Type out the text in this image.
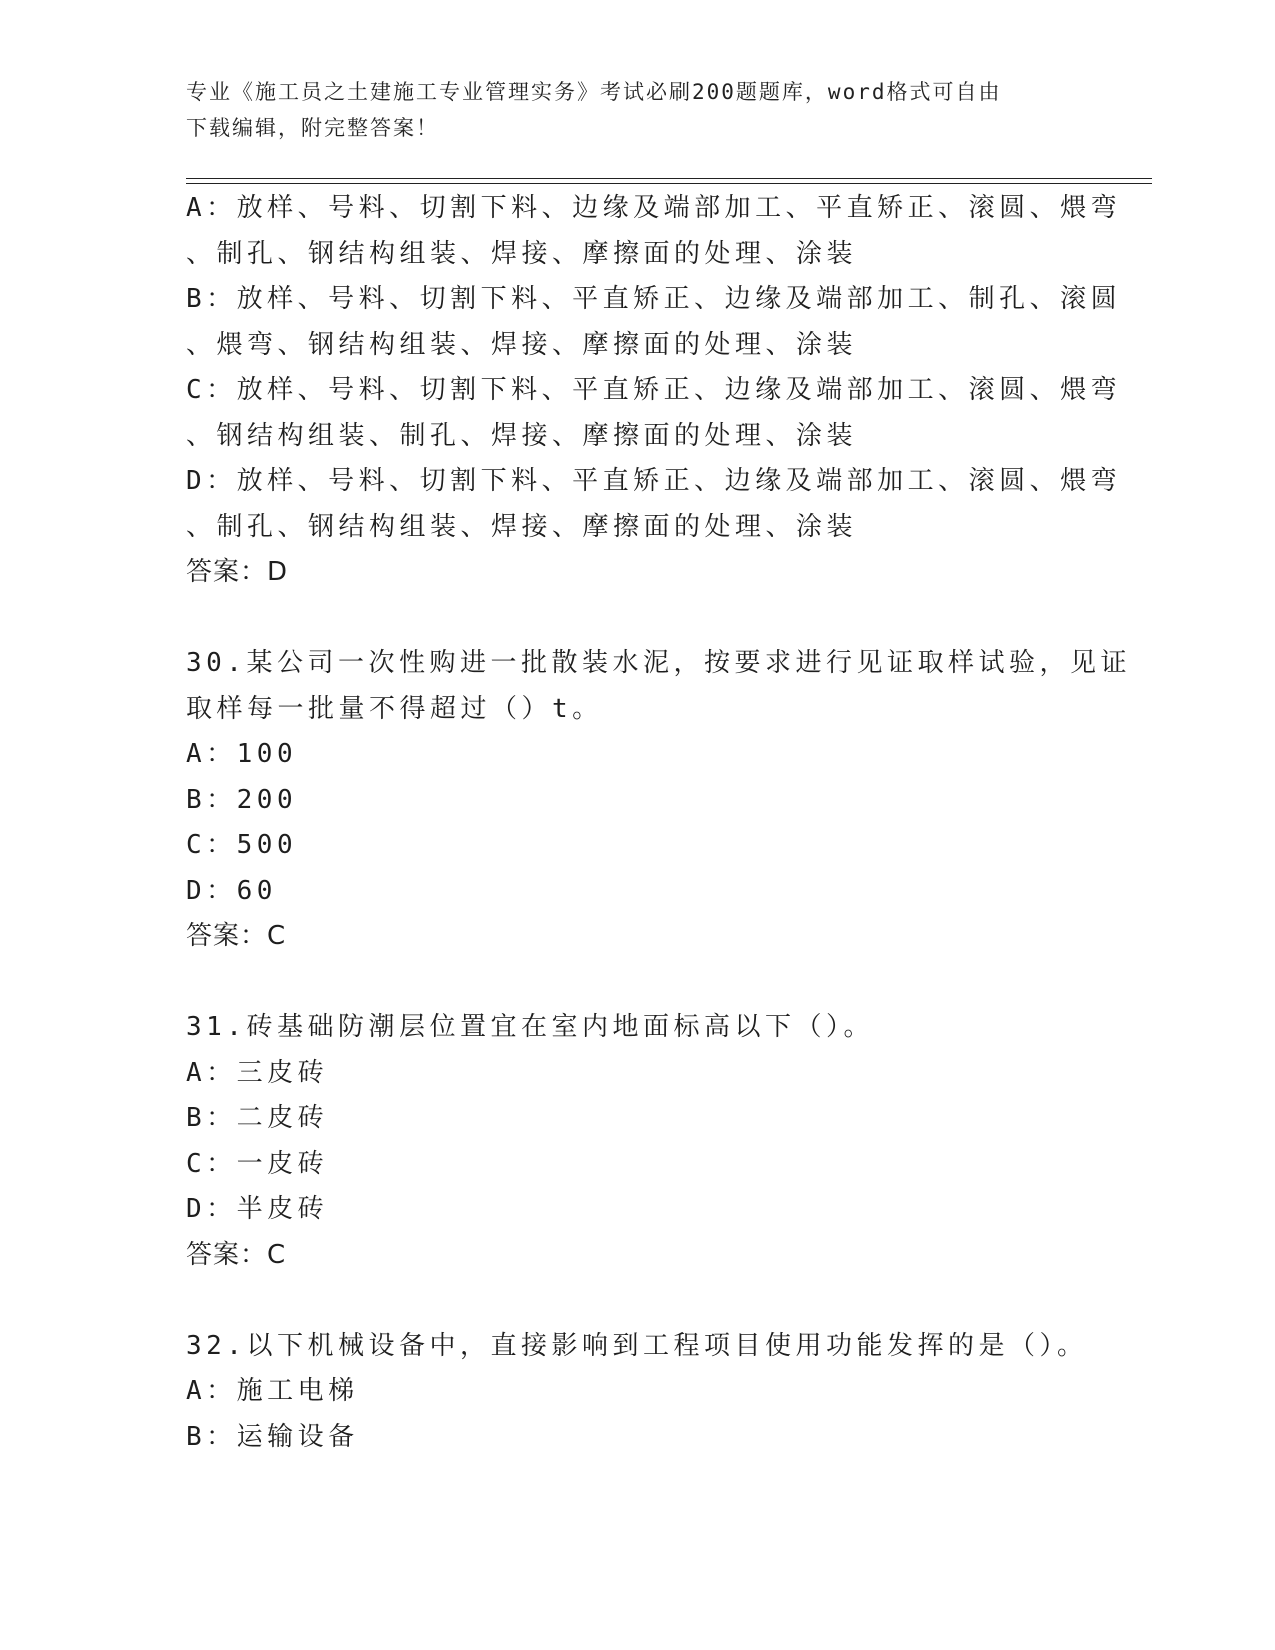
专业《施工员之土建施工专业管理实务》考试必刷200题题库，word格式可自由
下载编辑，附完整答案！
A：放样、号料、切割下料、边缘及端部加工、平直矫正、滚圆、煨弯
、制孔、钢结构组装、焊接、摩擦面的处理、涂装
B：放样、号料、切割下料、平直矫正、边缘及端部加工、制孔、滚圆
、煨弯、钢结构组装、焊接、摩擦面的处理、涂装
C：放样、号料、切割下料、平直矫正、边缘及端部加工、滚圆、煨弯
、钢结构组装、制孔、焊接、摩擦面的处理、涂装
D：放样、号料、切割下料、平直矫正、边缘及端部加工、滚圆、煨弯
、制孔、钢结构组装、焊接、摩擦面的处理、涂装
答案：D
30.某公司一次性购进一批散装水泥，按要求进行见证取样试验，见证
取样每一批量不得超过（）t。
A：100
B：200
C：500
D：60
答案：C
31.砖基础防潮层位置宜在室内地面标高以下（）。
A：三皮砖
B：二皮砖
C：一皮砖
D：半皮砖
答案：C
32.以下机械设备中，直接影响到工程项目使用功能发挥的是（）。
A：施工电梯
B：运输设备
